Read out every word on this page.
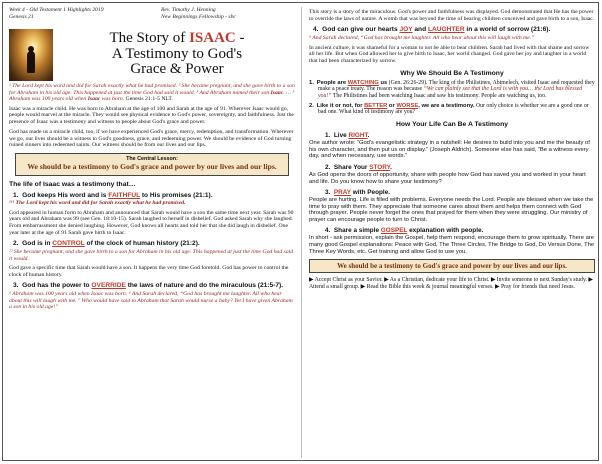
Week 4 - Old Testament 1 Highlights 2019
Genesis 21
Rev. Timothy J. Henning
New Beginnings Fellowship - sbc
The Story of ISAAC -
A Testimony to God's
Grace & Power
¹ The Lord kept his word and did for Sarah exactly what he had promised. ² She became pregnant, and she gave birth to a son for Abraham in his old age. This happened at just the time God had said it would. ³ And Abraham named their son Isaac. … ⁵ Abraham was 100 years old when Isaac was born. Genesis 21:1-5 NLT.

Isaac was a miracle child. He was born to Abraham at the age of 100 and Sarah at the age of 91. Wherever Isaac would go, people would marvel at the miracle. They would see physical evidence to God's power, sovereignty, and faithfulness. Just the presence of Isaac was a testimony and witness to people about God's grace and power.

God has made us a miracle child, too, if we have experienced God's grace, mercy, redemption, and transformation. Wherever we go, our lives should be a witness to God's goodness, grace, and redeeming power. We should be evidence of God turning ruined sinners into redeemed saints. Our witness should be from our lives and our lips.

The Central Lesson:
We should be a testimony to God's grace and power by our lives and our lips.
The life of Isaac was a testimony that…
1. God keeps His word and is FAITHFUL to His promises (21:1).
¹¹¹ The Lord kept his word and did for Sarah exactly what he had promised.

God appeared in human form to Abraham and announced that Sarah would have a son the same time next year. Sarah was 90 years old and Abraham was 99 (see Gen. 18:10-15). Sarah laughed to herself in disbelief. God asked Sarah why she laughed. From embarrassment she denied laughing. However, God knows all hearts and told her that she did laugh in disbelief. One year later at the age of 91 Sarah gave birth to Isaac.

2. God is in CONTROL of the clock of human history (21:2).
²² She became pregnant, and she gave birth to a son for Abraham in his old age. This happened at just the time God had said it would.

God gave a specific time that Sarah would have a son. It happens the very time God foretold. God has power to control the clock of human history.

3. God has the power to OVERRIDE the laws of nature and do the miraculous (21:5-7).
⁵ Abraham was 100 years old when Isaac was born. ⁶ And Sarah declared, “God has brought me laughter. All who hear about this will laugh with me. ⁷ Who would have said to Abraham that Sarah would nurse a baby? Yet I have given Abraham a son in his old age!”

This story is a story of the miraculous. God's power and faithfulness was displayed. God demonstrated that He has the power to override the laws of nature. A womb that was beyond the time of bearing children conceived and gave birth to a son, Isaac.

4. God can give our hearts JOY and LAUGHTER in a world of sorrow (21:6).
⁶ And Sarah declared, “God has brought me laughter. All who hear about this will laugh with me.”

In ancient culture, it was shameful for a woman to not be able to bear children. Sarah had lived with that shame and sorrow all her life. But when God allowed her to give birth to Isaac, her world changed. God gave her joy and laughter in a world that had been characterized by sorrow.

Why We Should Be A Testimony
1. People are WATCHING us (Gen. 26:26-29). The king of the Philistines, Abimelech, visited Isaac and requested they make a peace treaty. The reason was because “We can plainly see that the Lord is with you… the Lord has blessed you!” The Philistines had been watching Isaac and saw his testimony. People are watching us, too.
2. Like it or not, for BETTER or WORSE, we are a testimony. Our only choice is whether we are a good one or bad one. What kind of testimony are you?
How Your Life Can Be A Testimony
1. Live RIGHT.
One author wrote: “God's evangelistic strategy in a nutshell: He desires to build into you and me the beauty of his own character, and then put us on display.” (Joseph Aldrich). Someone else has said, “Be a witness every day, and when necessary, use words.”
2. Share Your STORY.
As God opens the doors of opportunity, share with people how God has saved you and worked in your heart and life. Do you know how to share your testimony?
3. PRAY with People.
People are hurting. Life is filled with problems. Everyone needs the Lord. People are blessed when we take the time to pray with them. They appreciate that someone cares about them and helps them connect with God through prayer. People never forget the ones that prayed for them when they were struggling. Our ministry of prayer can encourage people to turn to Christ.
4. Share a simple GOSPEL explanation with people.
In short - ask permission, explain the Gospel, help them respond, encourage them to grow spiritually. There are many good Gospel explanations: Peace with God, The Three Circles, The Bridge to God, Do Versus Done, The Three Key Words, etc. Get training and allow God to use you.
We should be a testimony to God's grace and power by our lives and our lips.
▶ Accept Christ as your Savior. ▶ As a Christian, dedicate your life to Christ. ▶ Invite someone to next Sunday's study. ▶ Attend a small group. ▶ Read the Bible this week & journal meaningful verses. ▶ Pray for friends that need Jesus.
